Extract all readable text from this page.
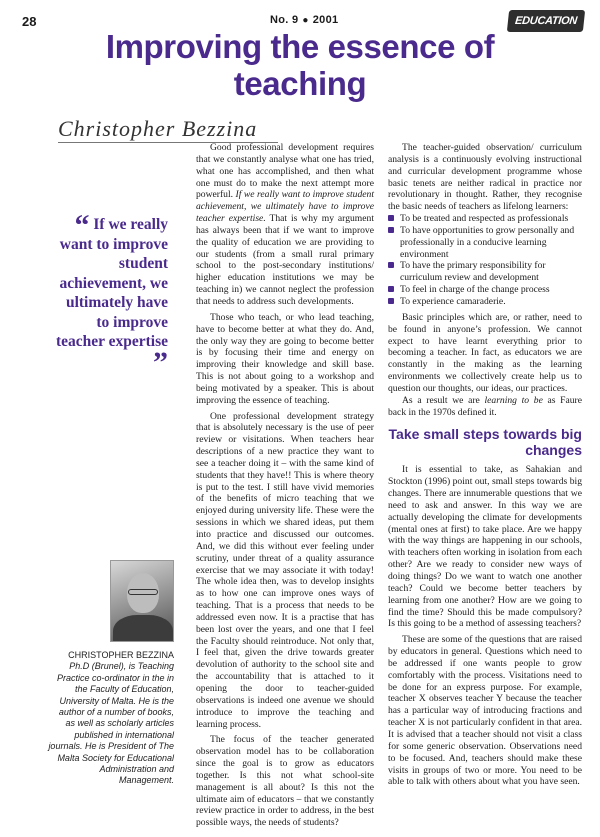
28	No. 9 ● 2001	EDUCATION
Improving the essence of teaching
Christopher Bezzina
“ If we really want to improve student achievement, we ultimately have to improve teacher expertise ”
CHRISTOPHER BEZZINA
Ph.D (Brunel), is Teaching Practice co-ordinator in the in the Faculty of Education, University of Malta. He is the author of a number of books, as well as scholarly articles published in international journals. He is President of The Malta Society for Educational Administration and Management.

Good professional development requires that we constantly analyse what one has tried, what one has accomplished, and then what one must do to make the next attempt more powerful. If we really want to improve student achievement, we ultimately have to improve teacher expertise. That is why my argument has always been that if we want to improve the quality of education we are providing to our students (from a small rural primary school to the post-secondary institutions/ higher education institutions we may be teaching in) we cannot neglect the profession that needs to address such developments.

Those who teach, or who lead teaching, have to become better at what they do. And, the only way they are going to become better is by focusing their time and energy on improving their knowledge and skill base. This is not about going to a workshop and being motivated by a speaker. This is about improving the essence of teaching.

One professional development strategy that is absolutely necessary is the use of peer review or visitations. When teachers hear descriptions of a new practice they want to see a teacher doing it – with the same kind of students that they have!! This is where theory is put to the test. I still have vivid memories of the benefits of micro teaching that we enjoyed during university life. These were the sessions in which we shared ideas, put them into practice and discussed our outcomes. And, we did this without ever feeling under scrutiny, under threat of a quality assurance exercise that we may associate it with today! The whole idea then, was to develop insights as to how one can improve ones ways of teaching. That is a process that needs to be addressed even now. It is a practise that has been lost over the years, and one that I feel the Faculty should reintroduce. Not only that, I feel that, given the drive towards greater devolution of authority to the school site and the accountability that is attached to it opening the door to teacher-guided observations is indeed one avenue we should introduce to improve the teaching and learning process.

The focus of the teacher generated observation model has to be collaboration since the goal is to grow as educators together. Is this not what school-site management is all about? Is this not the ultimate aim of educators – that we constantly review practice in order to address, in the best possible ways, the needs of students?

The teacher-guided observation/ curriculum analysis is a continuously evolving instructional and curricular development programme whose basic tenets are neither radical in practice nor revolutionary in thought. Rather, they recognise the basic needs of teachers as lifelong learners:

To be treated and respected as professionals
To have opportunities to grow personally and professionally in a conducive learning environment
To have the primary responsibility for curriculum review and development
To feel in charge of the change process
To experience camaraderie.

Basic principles which are, or rather, need to be found in anyone’s profession. We cannot expect to have learnt everything prior to becoming a teacher. In fact, as educators we are constantly in the making as the learning environments we collectively create help us to question our thoughts, our ideas, our practices.

As a result we are learning to be as Faure back in the 1970s defined it.

Take small steps towards big changes

It is essential to take, as Sahakian and Stockton (1996) point out, small steps towards big changes. There are innumerable questions that we need to ask and answer. In this way we are actually developing the climate for developments (mental ones at first) to take place. Are we happy with the way things are happening in our schools, with teachers often working in isolation from each other? Are we ready to consider new ways of doing things? Do we want to watch one another teach? Could we become better teachers by learning from one another? How are we going to find the time? Should this be made compulsory? Is this going to be a method of assessing teachers?

These are some of the questions that are raised by educators in general. Questions which need to be addressed if one wants people to grow comfortably with the process. Visitations need to be done for an express purpose. For example, teacher X observes teacher Y because the teacher has a particular way of introducing fractions and teacher X is not particularly confident in that area. It is advised that a teacher should not visit a class for some generic observation. Observations need to be focused. And, teachers should make these visits in groups of two or more. You need to be able to talk with others about what you have seen.
